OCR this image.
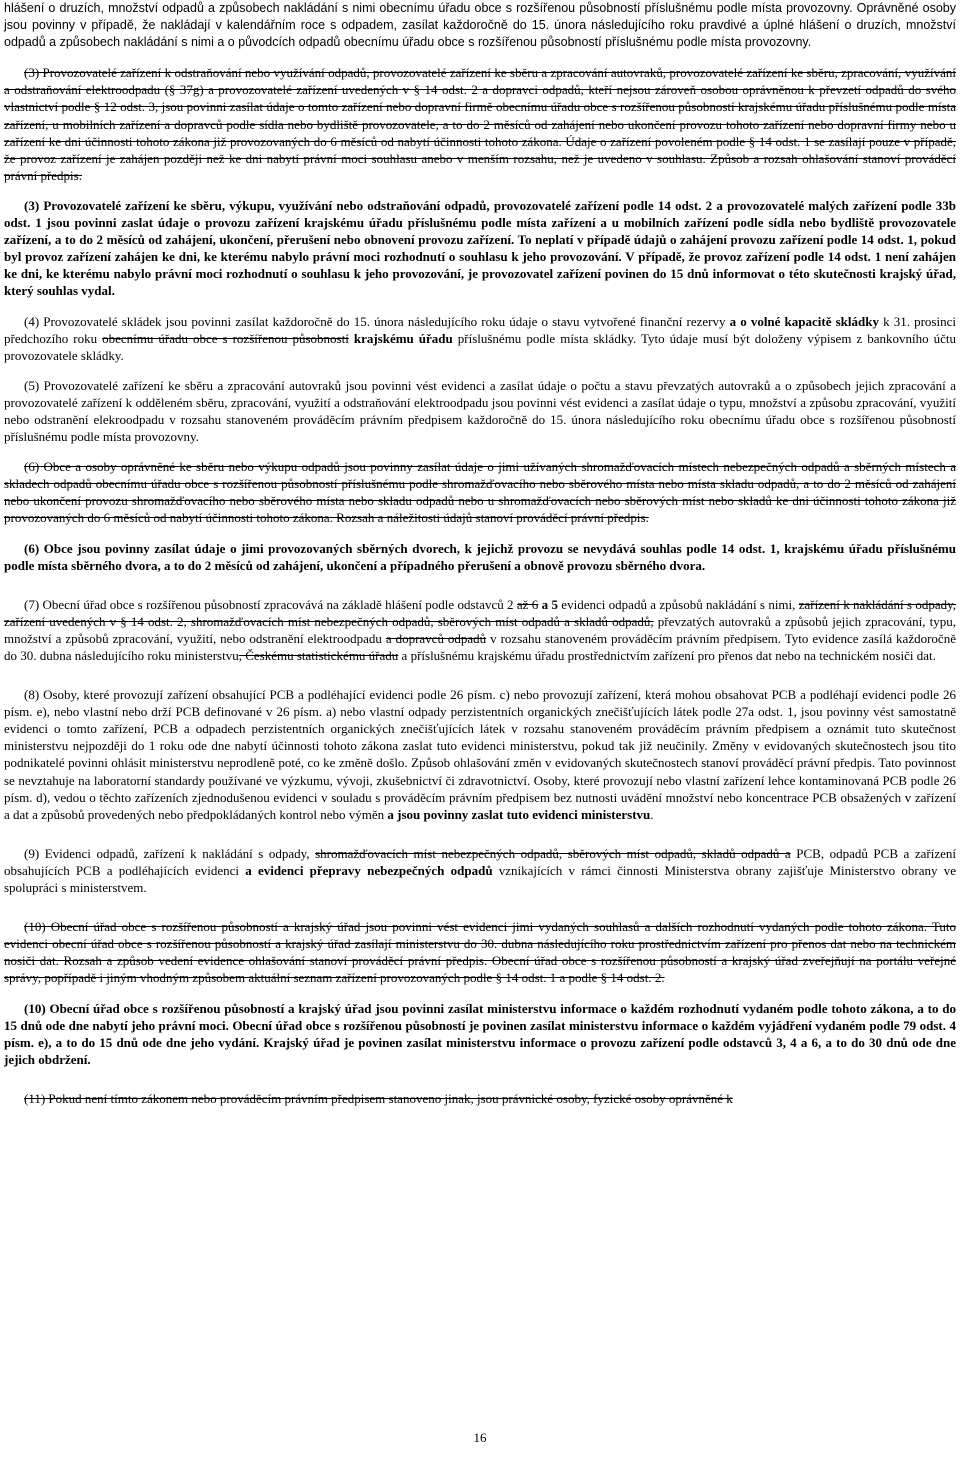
hlášení o druzích, množství odpadů a způsobech nakládání s nimi obecnímu úřadu obce s rozšířenou působností příslušnému podle místa provozovny. Oprávněné osoby jsou povinny v případě, že nakládají v kalendářním roce s odpadem, zasílat každoročně do 15. února následujícího roku pravdivé a úplné hlášení o druzích, množství odpadů a způsobech nakládání s nimi a o původcích odpadů obecnímu úřadu obce s rozšířenou působností příslušnému podle místa provozovny.

(3) Provozovatelé zařízení k odstraňování nebo využívání odpadů, provozovatelé zařízení ke sběru a zpracování autovraků, provozovatelé zařízení ke sběru, zpracování, využívání a odstraňování elektroodpadu (§ 37g) a provozovatelé zařízení uvedených v § 14 odst. 2 a dopravci odpadů, kteří nejsou zároveň osobou oprávněnou k převzetí odpadů do svého vlastnictví podle § 12 odst. 3, jsou povinni zasílat údaje o tomto zařízení nebo dopravní firmě obecnímu úřadu obce s rozšířenou působností krajskému úřadu příslušnému podle místa zařízení, u mobilních zařízení a dopravců podle sídla nebo bydliště provozovatele, a to do 2 měsíců od zahájení nebo ukončení provozu tohoto zařízení nebo dopravní firmy nebo u zařízení ke dni účinnosti tohoto zákona již provozovaných do 6 měsíců od nabytí účinnosti tohoto zákona. Údaje o zařízení povoleném podle § 14 odst. 1 se zasílají pouze v případě, že provoz zařízení je zahájen později než ke dni nabytí právní moci souhlasu anebo v menším rozsahu, než je uvedeno v souhlasu. Způsob a rozsah ohlašování stanoví prováděcí právní předpis.

(3) Provozovatelé zařízení ke sběru, výkupu, využívání nebo odstraňování odpadů, provozovatelé zařízení podle 14 odst. 2 a provozovatelé malých zařízení podle 33b odst. 1 jsou povinni zaslat údaje o provozu zařízení krajskému úřadu příslušnému podle místa zařízení a u mobilních zařízení podle sídla nebo bydliště provozovatele zařízení, a to do 2 měsíců od zahájení, ukončení, přerušení nebo obnovení provozu zařízení. To neplatí v případě údajů o zahájení provozu zařízení podle 14 odst. 1, pokud byl provoz zařízení zahájen ke dni, ke kterému nabylo právní moci rozhodnutí o souhlasu k jeho provozování. V případě, že provoz zařízení podle 14 odst. 1 není zahájen ke dni, ke kterému nabylo právní moci rozhodnutí o souhlasu k jeho provozování, je provozovatel zařízení povinen do 15 dnů informovat o této skutečnosti krajský úřad, který souhlas vydal.

(4) Provozovatelé skládek jsou povinni zasílat každoročně do 15. února následujícího roku údaje o stavu vytvořené finanční rezervy a o volné kapacitě skládky k 31. prosinci předchozího roku obecnímu úřadu obce s rozšířenou působností krajskému úřadu příslušnému podle místa skládky. Tyto údaje musí být doloženy výpisem z bankovního účtu provozovatele skládky.

(5) Provozovatelé zařízení ke sběru a zpracování autovraků jsou povinni vést evidenci a zasílat údaje o počtu a stavu převzatých autovraků a o způsobech jejich zpracování a provozovatelé zařízení k odděleném sběru, zpracování, využití a odstraňování elektroodpadu jsou povinni vést evidenci a zasílat údaje o typu, množství a způsobu zpracování, využití nebo odstranění elekroodpadu v rozsahu stanoveném prováděcím právním předpisem každoročně do 15. února následujícího roku obecnímu úřadu obce s rozšířenou působností příslušnému podle místa provozovny.

(6) Obce a osoby oprávněné ke sběru nebo výkupu odpadů jsou povinny zasílat údaje o jimi užívaných shromažďovacích místech nebezpečných odpadů a sběrných místech a skladech odpadů obecnímu úřadu obce s rozšířenou působností příslušnému podle shromažďovacího nebo sběrového místa nebo místa skladu odpadů, a to do 2 měsíců od zahájení nebo ukončení provozu shromažďovacího nebo sběrového místa nebo skladu odpadů nebo u shromažďovacích nebo sběrových míst nebo skladů ke dni účinnosti tohoto zákona již provozovaných do 6 měsíců od nabytí účinnosti tohoto zákona. Rozsah a náležitosti údajů stanoví prováděcí právní předpis.

(6) Obce jsou povinny zasílat údaje o jimi provozovaných sběrných dvorech, k jejichž provozu se nevydává souhlas podle 14 odst. 1, krajskému úřadu příslušnému podle místa sběrného dvora, a to do 2 měsíců od zahájení, ukončení a případného přerušení a obnově provozu sběrného dvora.

(7) Obecní úřad obce s rozšířenou působností zpracovává na základě hlášení podle odstavců 2 až 6 a 5 evidenci odpadů a způsobů nakládání s nimi, zařízení k nakládání s odpady, zařízení uvedených v § 14 odst. 2, shromažďovacích míst nebezpečných odpadů, sběrových míst odpadů a skladů odpadů, převzatých autovraků a způsobů jejich zpracování, typu, množství a způsobů zpracování, využití, nebo odstranění elektroodpadu a dopravců odpadů v rozsahu stanoveném prováděcím právním předpisem. Tyto evidence zasílá každoročně do 30. dubna následujícího roku ministerstvu, Českému statistickému úřadu a příslušnému krajskému úřadu prostřednictvím zařízení pro přenos dat nebo na technickém nosiči dat.

(8) Osoby, které provozují zařízení obsahující PCB a podléhající evidenci podle 26 písm. c) nebo provozují zařízení, která mohou obsahovat PCB a podléhají evidenci podle 26 písm. e), nebo vlastní nebo drží PCB definované v 26 písm. a) nebo vlastní odpady perzistentních organických znečišťujících látek podle 27a odst. 1, jsou povinny vést samostatně evidenci o tomto zařízení, PCB a odpadech perzistentních organických znečišťujících látek v rozsahu stanoveném prováděcím právním předpisem a oznámit tuto skutečnost ministerstvu nejpozději do 1 roku ode dne nabytí účinnosti tohoto zákona zaslat tuto evidenci ministerstvu, pokud tak již neučinily. Změny v evidovaných skutečnostech jsou tito podnikatelé povinni ohlásit ministerstvu neprodleně poté, co ke změně došlo. Způsob ohlašování změn v evidovaných skutečnostech stanoví prováděcí právní předpis. Tato povinnost se nevztahuje na laboratorní standardy používané ve výzkumu, vývoji, zkušebnictví či zdravotnictví. Osoby, které provozují nebo vlastní zařízení lehce kontaminovaná PCB podle 26 písm. d), vedou o těchto zařízeních zjednodušenou evidenci v souladu s prováděcím právním předpisem bez nutnosti uvádění množství nebo koncentrace PCB obsažených v zařízení a dat a způsobů provedených nebo předpokládaných kontrol nebo výměn a jsou povinny zaslat tuto evidenci ministerstvu.

(9) Evidenci odpadů, zařízení k nakládání s odpady, shromažďovacích míst nebezpečných odpadů, sběrových míst odpadů, skladů odpadů a PCB, odpadů PCB a zařízení obsahujících PCB a podléhajících evidenci a evidenci přepravy nebezpečných odpadů vznikajících v rámci činnosti Ministerstva obrany zajišťuje Ministerstvo obrany ve spolupráci s ministerstvem.

(10) Obecní úřad obce s rozšířenou působností a krajský úřad jsou povinni vést evidenci jimi vydaných souhlasů a dalších rozhodnutí vydaných podle tohoto zákona. Tuto evidenci obecní úřad obce s rozšířenou působností a krajský úřad zasílají ministerstvu do 30. dubna následujícího roku prostřednictvím zařízení pro přenos dat nebo na technickém nosiči dat. Rozsah a způsob vedení evidence ohlašování stanoví prováděcí právní předpis. Obecní úřad obce s rozšířenou působností a krajský úřad zveřejňují na portálu veřejné správy, popřípadě i jiným vhodným způsobem aktuální seznam zařízení provozovaných podle § 14 odst. 1 a podle § 14 odst. 2.

(10) Obecní úřad obce s rozšířenou působností a krajský úřad jsou povinni zasílat ministerstvu informace o každém rozhodnutí vydaném podle tohoto zákona, a to do 15 dnů ode dne nabytí jeho právní moci. Obecní úřad obce s rozšířenou působností je povinen zasílat ministerstvu informace o každém vyjádření vydaném podle 79 odst. 4 písm. e), a to do 15 dnů ode dne jeho vydání. Krajský úřad je povinen zasílat ministerstvu informace o provozu zařízení podle odstavců 3, 4 a 6, a to do 30 dnů ode dne jejich obdržení.

(11) Pokud není tímto zákonem nebo prováděcím právním předpisem stanoveno jinak, jsou právnické osoby, fyzické osoby oprávněné k

16
